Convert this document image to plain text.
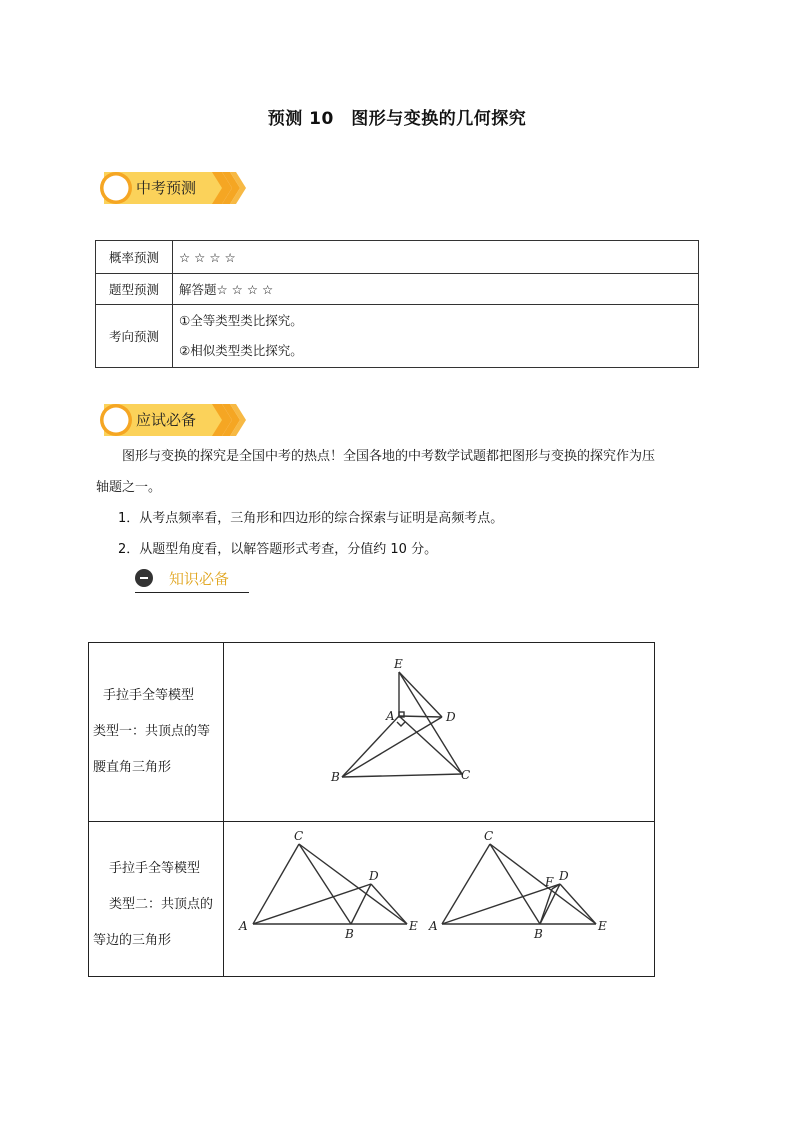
预测 10　图形与变换的几何探究
中考预测
概率预测	☆ ☆ ☆ ☆
题型预测	解答题☆ ☆ ☆ ☆
考向预测	①全等类型类比探究。
②相似类型类比探究。
应试必备
图形与变换的探究是全国中考的热点！全国各地的中考数学试题都把图形与变换的探究作为压
轴题之一。
1．从考点频率看，三角形和四边形的综合探索与证明是高频考点。
2．从题型角度看，以解答题形式考查，分值约 10 分。
知识必备
手拉手全等模型
类型一：共顶点的等
腰直角三角形
手拉手全等模型
类型二：共顶点的
等边的三角形
E
A	D
B	C
C
D
A
B
E
C
F D
A
B
E
